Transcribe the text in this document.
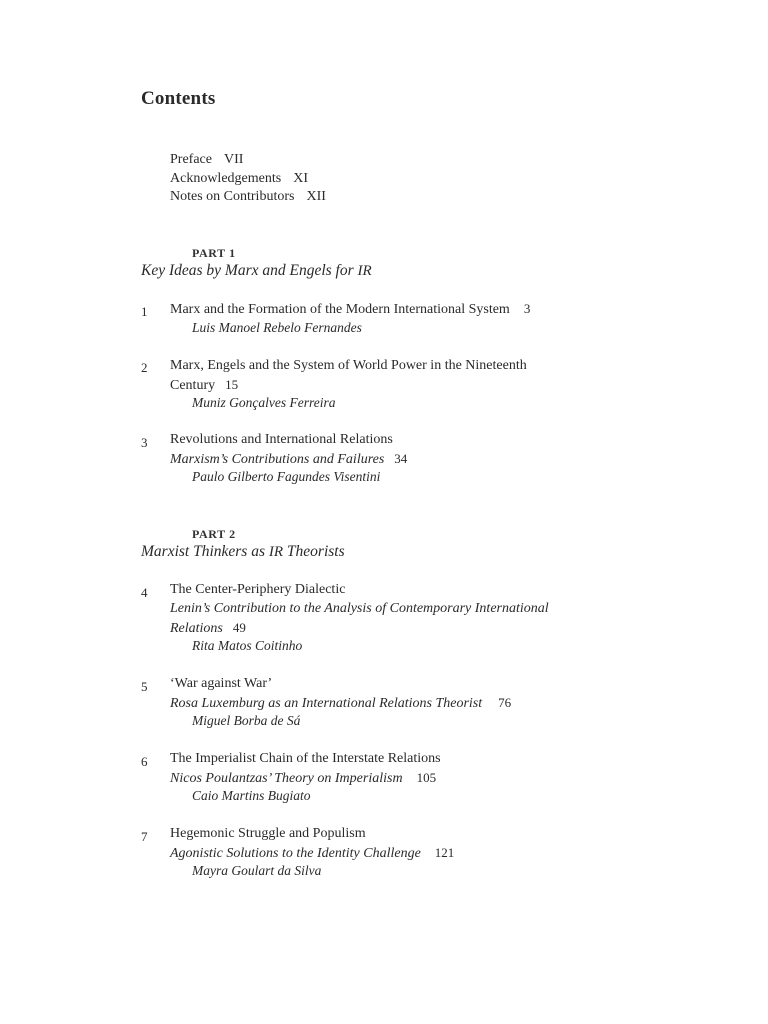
Contents
Preface VII
Acknowledgements XI
Notes on Contributors XII
PART 1
Key Ideas by Marx and Engels for IR
1 Marx and the Formation of the Modern International System 3
Luis Manoel Rebelo Fernandes
2 Marx, Engels and the System of World Power in the Nineteenth
Century 15
Muniz Gonçalves Ferreira
3 Revolutions and International Relations
Marxism’s Contributions and Failures 34
Paulo Gilberto Fagundes Visentini
PART 2
Marxist Thinkers as IR Theorists
4 The Center-Periphery Dialectic
Lenin’s Contribution to the Analysis of Contemporary International
Relations 49
Rita Matos Coitinho
5 ‘War against War’
Rosa Luxemburg as an International Relations Theorist 76
Miguel Borba de Sá
6 The Imperialist Chain of the Interstate Relations
Nicos Poulantzas’ Theory on Imperialism 105
Caio Martins Bugiato
7 Hegemonic Struggle and Populism
Agonistic Solutions to the Identity Challenge 121
Mayra Goulart da Silva
